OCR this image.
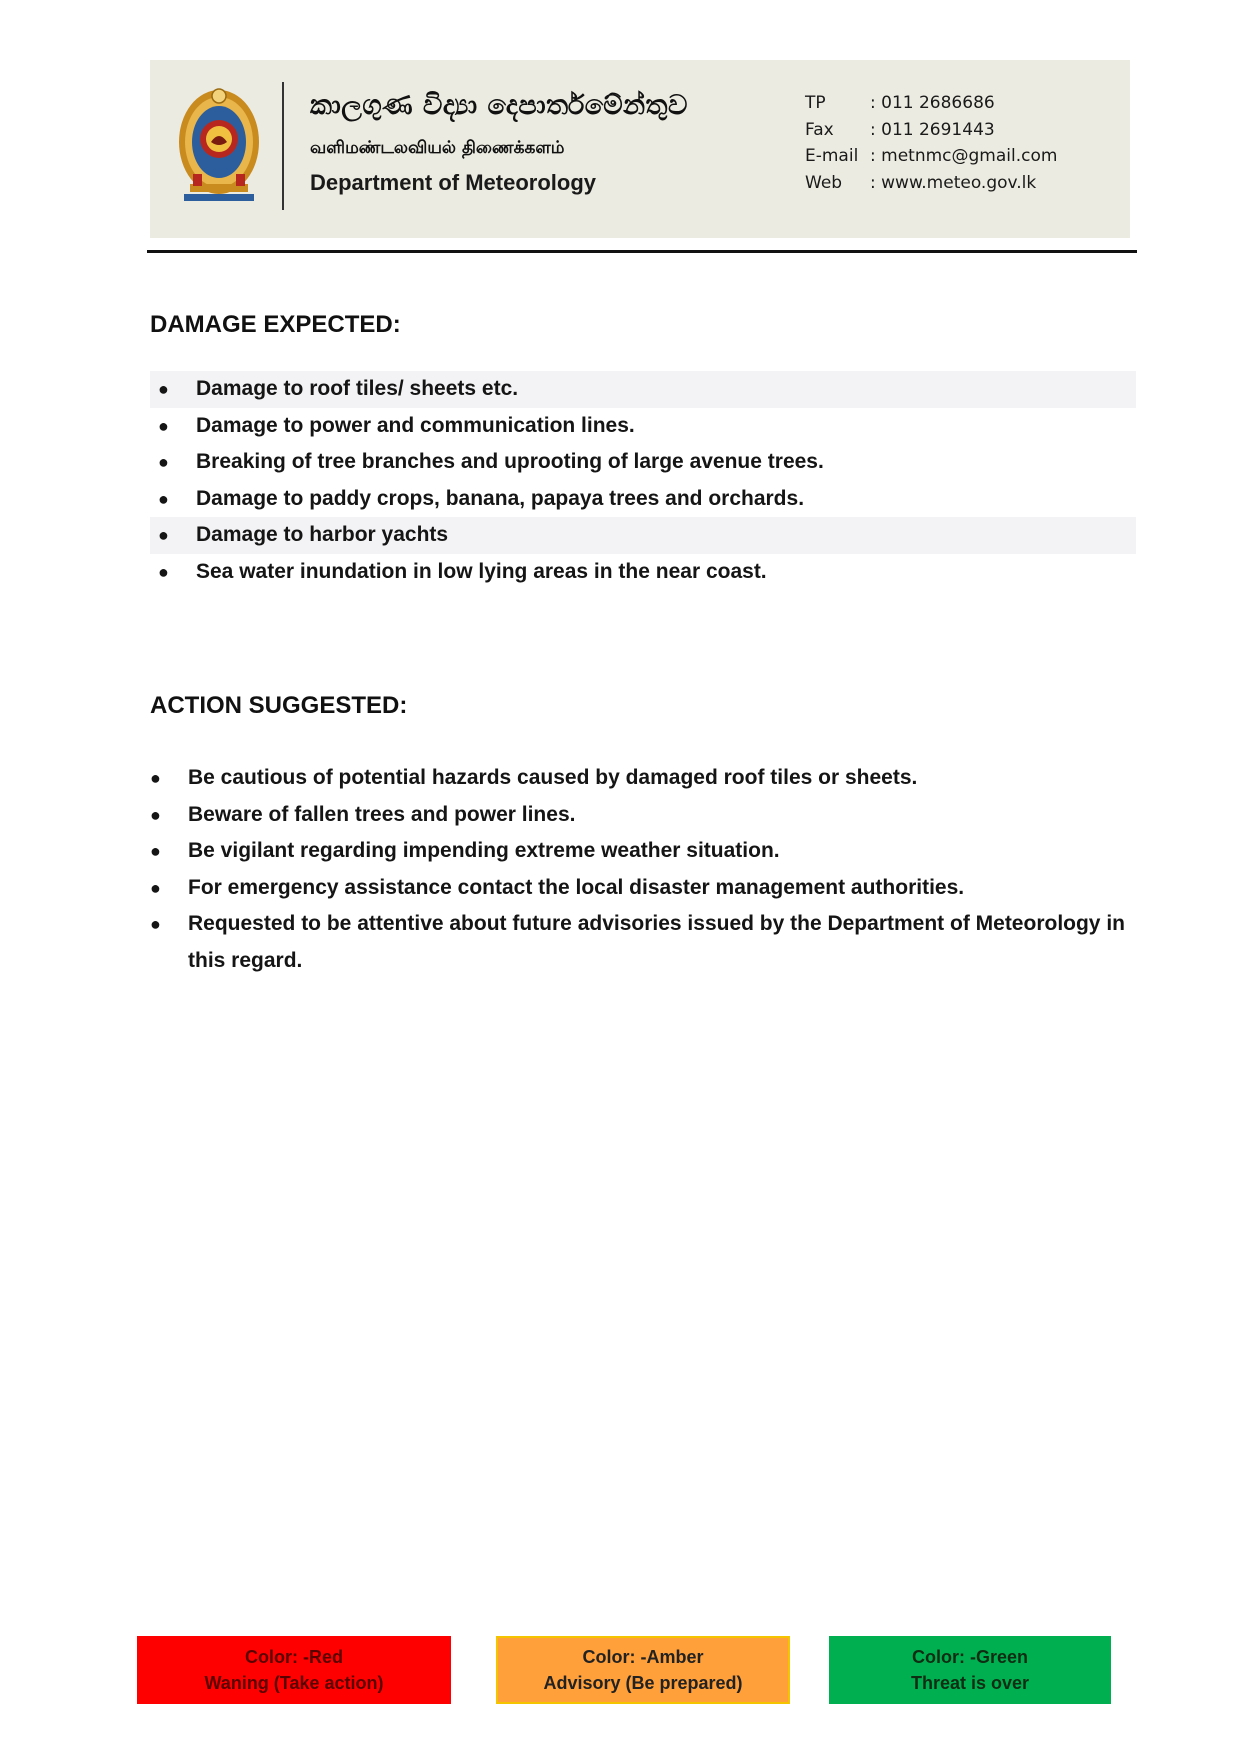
කාලගුණ විද්‍යා දෙපාර්තමේන්තුව
வளிமண்டலவியல் திணைக்களம்
Department of Meteorology
TP	: 011 2686686
Fax	: 011 2691443
E-mail : metnmc@gmail.com
Web	: www.meteo.gov.lk
DAMAGE EXPECTED:
● Damage to roof tiles/ sheets etc.
● Damage to power and communication lines.
● Breaking of tree branches and uprooting of large avenue trees.
● Damage to paddy crops, banana, papaya trees and orchards.
● Damage to harbor yachts
● Sea water inundation in low lying areas in the near coast.
ACTION SUGGESTED:
● Be cautious of potential hazards caused by damaged roof tiles or sheets.
● Beware of fallen trees and power lines.
● Be vigilant regarding impending extreme weather situation.
● For emergency assistance contact the local disaster management authorities.
● Requested to be attentive about future advisories issued by the Department of Meteorology in this regard.
Color: -Red
Waning (Take action)
Color: -Amber
Advisory (Be prepared)
Color: -Green
Threat is over
